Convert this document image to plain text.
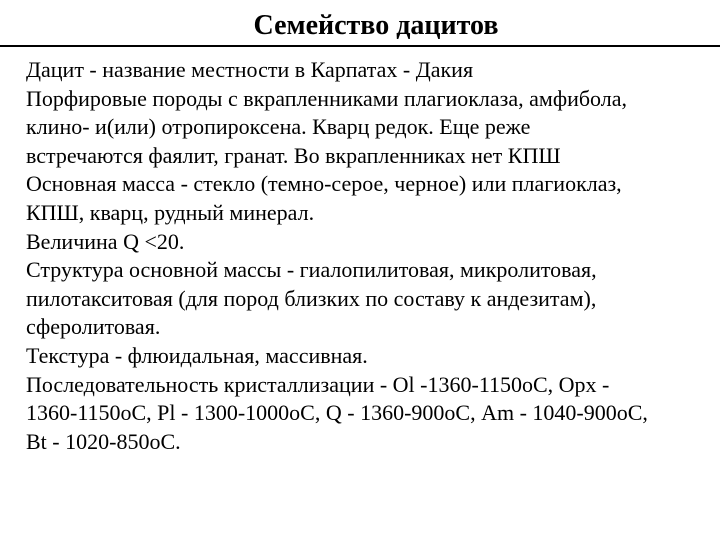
Семейство дацитов
Дацит - название местности в Карпатах - Дакия
Порфировые породы с вкрапленниками плагиоклаза, амфибола,
клино- и(или) отропироксена. Кварц редок. Еще реже
встречаются фаялит, гранат. Во вкрапленниках нет КПШ
Основная масса - стекло (темно-серое, черное) или плагиоклаз,
КПШ, кварц, рудный минерал.
Величина Q <20.
Структура основной массы - гиалопилитовая, микролитовая,
пилотакситовая (для пород близких по составу к андезитам),
сферолитовая.
Текстура - флюидальная, массивная.
Последовательность кристаллизации - Ol -1360-1150оС, Opx -
1360-1150оС, Pl - 1300-1000оС, Q - 1360-900оС, Am - 1040-900оС,
Bt - 1020-850оС.
